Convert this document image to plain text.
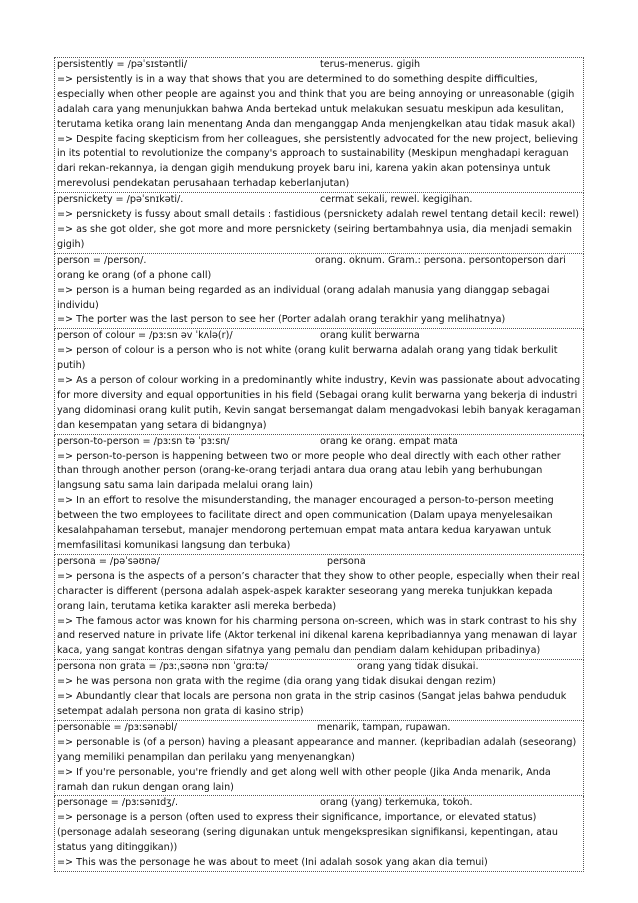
persistently = /pəˈsɪstəntli/	terus-menerus. gigih
=> persistently is in a way that shows that you are determined to do something despite difficulties, especially when other people are against you and think that you are being annoying or unreasonable (gigih adalah cara yang menunjukkan bahwa Anda bertekad untuk melakukan sesuatu meskipun ada kesulitan, terutama ketika orang lain menentang Anda dan menganggap Anda menjengkelkan atau tidak masuk akal)
=> Despite facing skepticism from her colleagues, she persistently advocated for the new project, believing in its potential to revolutionize the company's approach to sustainability (Meskipun menghadapi keraguan dari rekan-rekannya, ia dengan gigih mendukung proyek baru ini, karena yakin akan potensinya untuk merevolusi pendekatan perusahaan terhadap keberlanjutan)
persnickety = /pəˈsnɪkəti/.	cermat sekali, rewel. kegigihan.
=> persnickety is fussy about small details : fastidious (persnickety adalah rewel tentang detail kecil: rewel)
=> as she got older, she got more and more persnickety (seiring bertambahnya usia, dia menjadi semakin gigih)
person = /person/.	orang. oknum. Gram.: persona. persontoperson dari orang ke orang (of a phone call)
=> person is a human being regarded as an individual (orang adalah manusia yang dianggap sebagai individu)
=> The porter was the last person to see her (Porter adalah orang terakhir yang melihatnya)
person of colour = /pɜːsn əv ˈkʌlə(r)/	orang kulit berwarna
=> person of colour is a person who is not white (orang kulit berwarna adalah orang yang tidak berkulit putih)
=> As a person of colour working in a predominantly white industry, Kevin was passionate about advocating for more diversity and equal opportunities in his field (Sebagai orang kulit berwarna yang bekerja di industri yang didominasi orang kulit putih, Kevin sangat bersemangat dalam mengadvokasi lebih banyak keragaman dan kesempatan yang setara di bidangnya)
person-to-person = /pɜːsn tə ˈpɜːsn/	orang ke orang. empat mata
=> person-to-person is happening between two or more people who deal directly with each other rather than through another person (orang-ke-orang terjadi antara dua orang atau lebih yang berhubungan langsung satu sama lain daripada melalui orang lain)
=> In an effort to resolve the misunderstanding, the manager encouraged a person-to-person meeting between the two employees to facilitate direct and open communication (Dalam upaya menyelesaikan kesalahpahaman tersebut, manajer mendorong pertemuan empat mata antara kedua karyawan untuk memfasilitasi komunikasi langsung dan terbuka)
persona = /pəˈsəʊnə/	persona
=> persona is the aspects of a person’s character that they show to other people, especially when their real character is different (persona adalah aspek-aspek karakter seseorang yang mereka tunjukkan kepada orang lain, terutama ketika karakter asli mereka berbeda)
=> The famous actor was known for his charming persona on-screen, which was in stark contrast to his shy and reserved nature in private life (Aktor terkenal ini dikenal karena kepribadiannya yang menawan di layar kaca, yang sangat kontras dengan sifatnya yang pemalu dan pendiam dalam kehidupan pribadinya)
persona non grata = /pɜːˌsəʊnə nɒn ˈɡrɑːtə/	orang yang tidak disukai.
=> he was persona non grata with the regime (dia orang yang tidak disukai dengan rezim)
=> Abundantly clear that locals are persona non grata in the strip casinos (Sangat jelas bahwa penduduk setempat adalah persona non grata di kasino strip)
personable = /pɜːsənəbl/	menarik, tampan, rupawan.
=> personable is (of a person) having a pleasant appearance and manner. (kepribadian adalah (seseorang) yang memiliki penampilan dan perilaku yang menyenangkan)
=> If you're personable, you're friendly and get along well with other people (Jika Anda menarik, Anda ramah dan rukun dengan orang lain)
personage = /pɜːsənɪdʒ/.	orang (yang) terkemuka, tokoh.
=> personage is a person (often used to express their significance, importance, or elevated status) (personage adalah seseorang (sering digunakan untuk mengekspresikan signifikansi, kepentingan, atau status yang ditinggikan))
=> This was the personage he was about to meet (Ini adalah sosok yang akan dia temui)
